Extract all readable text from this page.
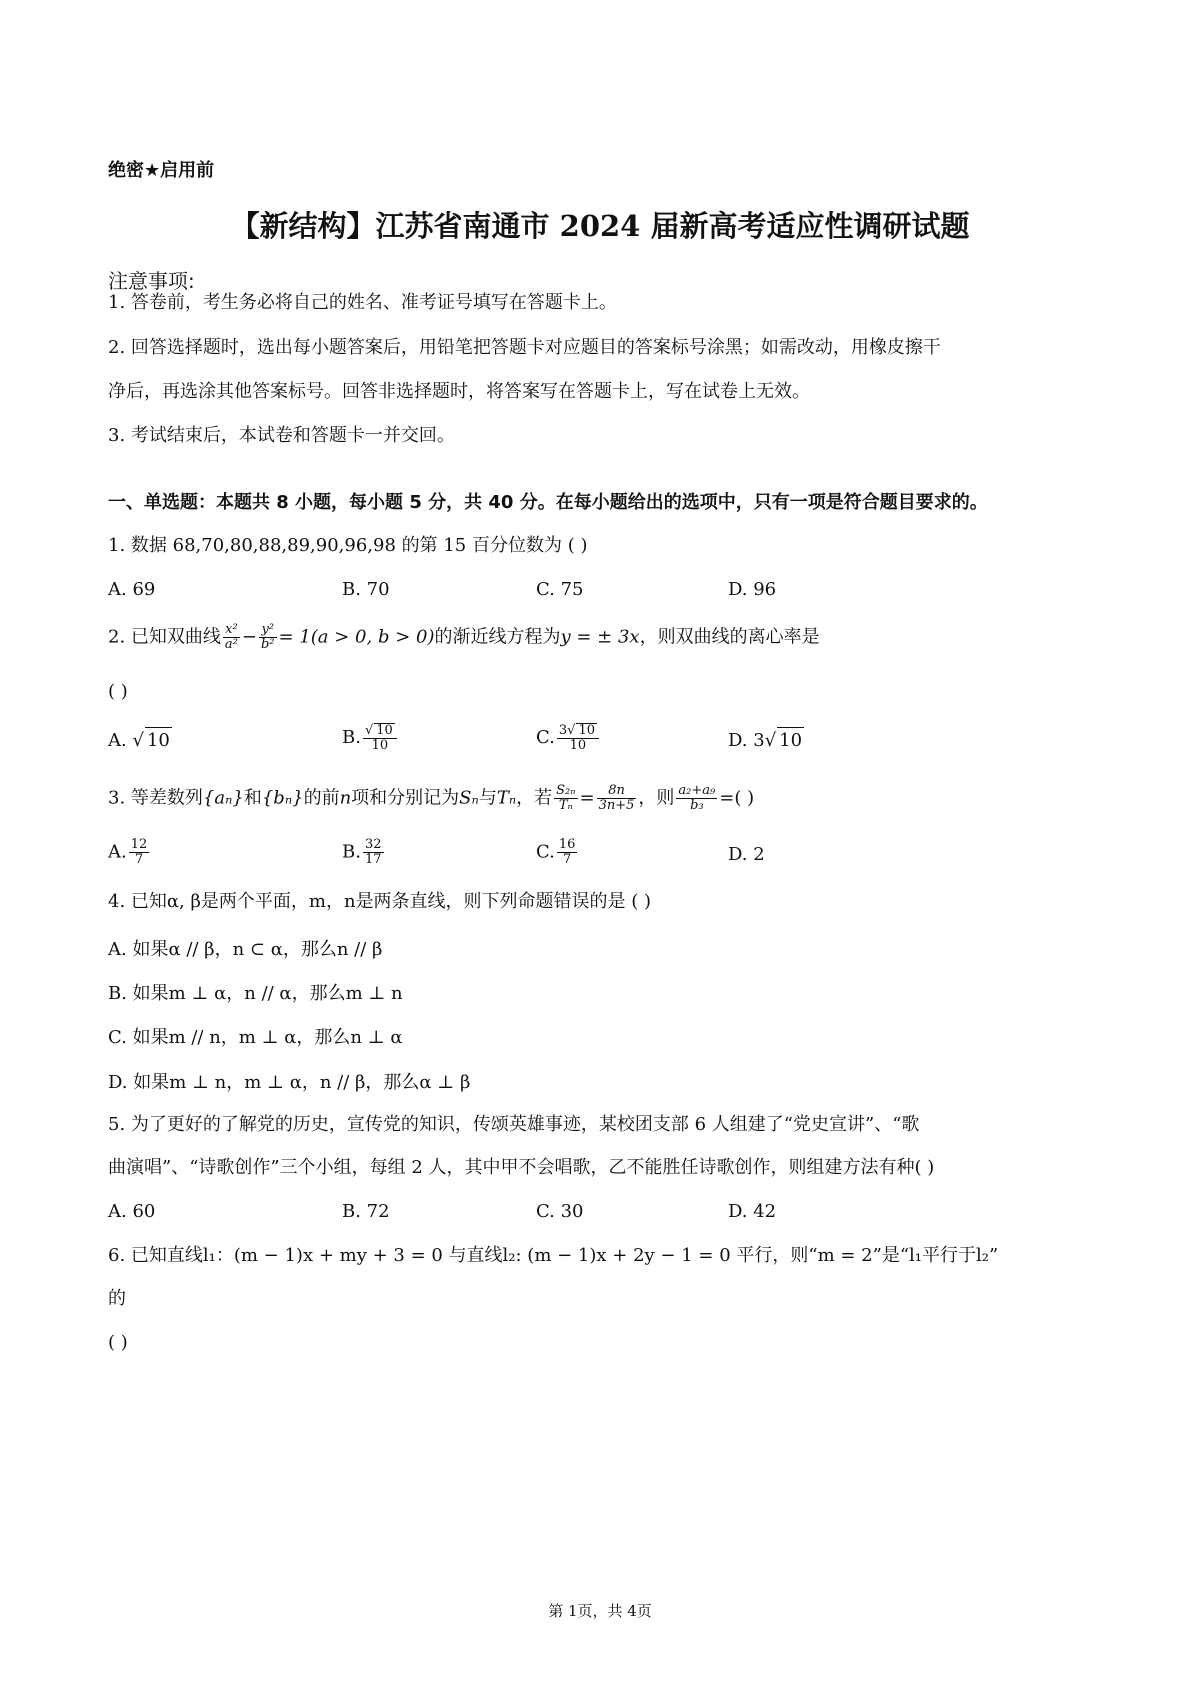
绝密★启用前
【新结构】江苏省南通市 2024 届新高考适应性调研试题
注意事项:
1. 答卷前，考生务必将自己的姓名、准考证号填写在答题卡上。
2. 回答选择题时，选出每小题答案后，用铅笔把答题卡对应题目的答案标号涂黑；如需改动，用橡皮擦干
净后，再选涂其他答案标号。回答非选择题时，将答案写在答题卡上，写在试卷上无效。
3. 考试结束后，本试卷和答题卡一并交回。
一、单选题：本题共 8 小题，每小题 5 分，共 40 分。在每小题给出的选项中，只有一项是符合题目要求的。
1. 数据 68,70,80,88,89,90,96,98 的第 15 百分位数为 ( )
A. 69	B. 70	C. 75	D. 96
2. 已知双曲线 $\frac{\text{x²}}{\text{a²}} - \frac{\text{y²}}{\text{b²}} = 1(a > 0$, b > 0)的渐近线方程为y = ± 3x，则双曲线的离心率是
( )
A. √ 10	B. $\frac{√ 10}{10}$	C. $\frac{3√ 10}{10}$	D. 3√ 10
3. 等差数列{aₙ}和{bₙ}的前n项和分别记为Sₙ与Tₙ，若 $\frac{\text{S₂ₙ}}{\text{Tₙ}} = \frac{8n}{3n+5}$ ，则 $\frac{\text{a₂+a₉}}{\text{b₃}}$ =( )
A. $\frac{12}{7}$	B. $\frac{32}{17}$	C. $\frac{16}{7}$	D. 2
4. 已知α, β是两个平面，m，n是两条直线，则下列命题错误的是 ( )
A. 如果α // β，n ⊂ α，那么n // β
B. 如果m ⊥ α，n // α，那么m ⊥ n
C. 如果m // n，m ⊥ α，那么n ⊥ α
D. 如果m ⊥ n，m ⊥ α，n // β，那么α ⊥ β
5. 为了更好的了解党的历史，宣传党的知识，传颂英雄事迹，某校团支部 6 人组建了“党史宣讲”、“歌
曲演唱”、“诗歌创作”三个小组，每组 2 人，其中甲不会唱歌，乙不能胜任诗歌创作，则组建方法有种( )
A. 60	B. 72	C. 30	D. 42
6. 已知直线l₁：(m − 1)x + my + 3 = 0 与直线l₂: (m − 1)x + 2y − 1 = 0 平行，则“m = 2”是“l₁平行于l₂”
的
( )
第 1页，共 4页
